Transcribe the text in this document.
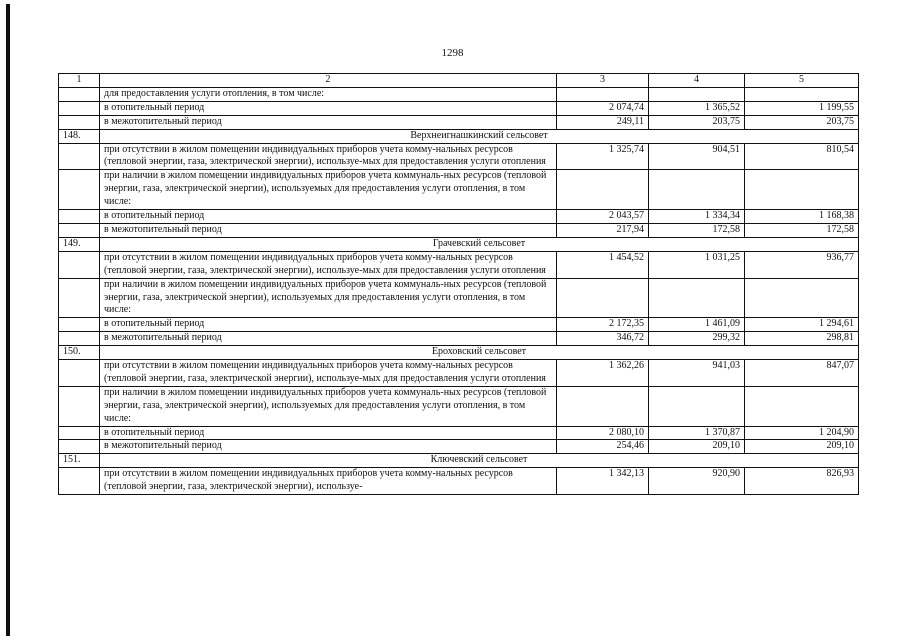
1298
1	2	3	4	5
	для предоставления услуги отопления, в том числе:			
	в отопительный период	2 074,74	1 365,52	1 199,55
	в межотопительный период	249,11	203,75	203,75
148.	Верхнеигнашкинский сельсовет			
	при отсутствии в жилом помещении индивидуальных приборов учета комму-нальных ресурсов (тепловой энергии, газа, электрической энергии), используе-мых для предоставления услуги отопления	1 325,74	904,51	810,54
	при наличии в жилом помещении индивидуальных приборов учета коммуналь-ных ресурсов (тепловой энергии, газа, электрической энергии), используемых для предоставления услуги отопления, в том числе:			
	в отопительный период	2 043,57	1 334,34	1 168,38
	в межотопительный период	217,94	172,58	172,58
149.	Грачевский сельсовет			
	при отсутствии в жилом помещении индивидуальных приборов учета комму-нальных ресурсов (тепловой энергии, газа, электрической энергии), используе-мых для предоставления услуги отопления	1 454,52	1 031,25	936,77
	при наличии в жилом помещении индивидуальных приборов учета коммуналь-ных ресурсов (тепловой энергии, газа, электрической энергии), используемых для предоставления услуги отопления, в том числе:			
	в отопительный период	2 172,35	1 461,09	1 294,61
	в межотопительный период	346,72	299,32	298,81
150.	Ероховский сельсовет			
	при отсутствии в жилом помещении индивидуальных приборов учета комму-нальных ресурсов (тепловой энергии, газа, электрической энергии), используе-мых для предоставления услуги отопления	1 362,26	941,03	847,07
	при наличии в жилом помещении индивидуальных приборов учета коммуналь-ных ресурсов (тепловой энергии, газа, электрической энергии), используемых для предоставления услуги отопления, в том числе:			
	в отопительный период	2 080,10	1 370,87	1 204,90
	в межотопительный период	254,46	209,10	209,10
151.	Ключевский сельсовет			
	при отсутствии в жилом помещении индивидуальных приборов учета комму-нальных ресурсов (тепловой энергии, газа, электрической энергии), используе-	1 342,13	920,90	826,93
